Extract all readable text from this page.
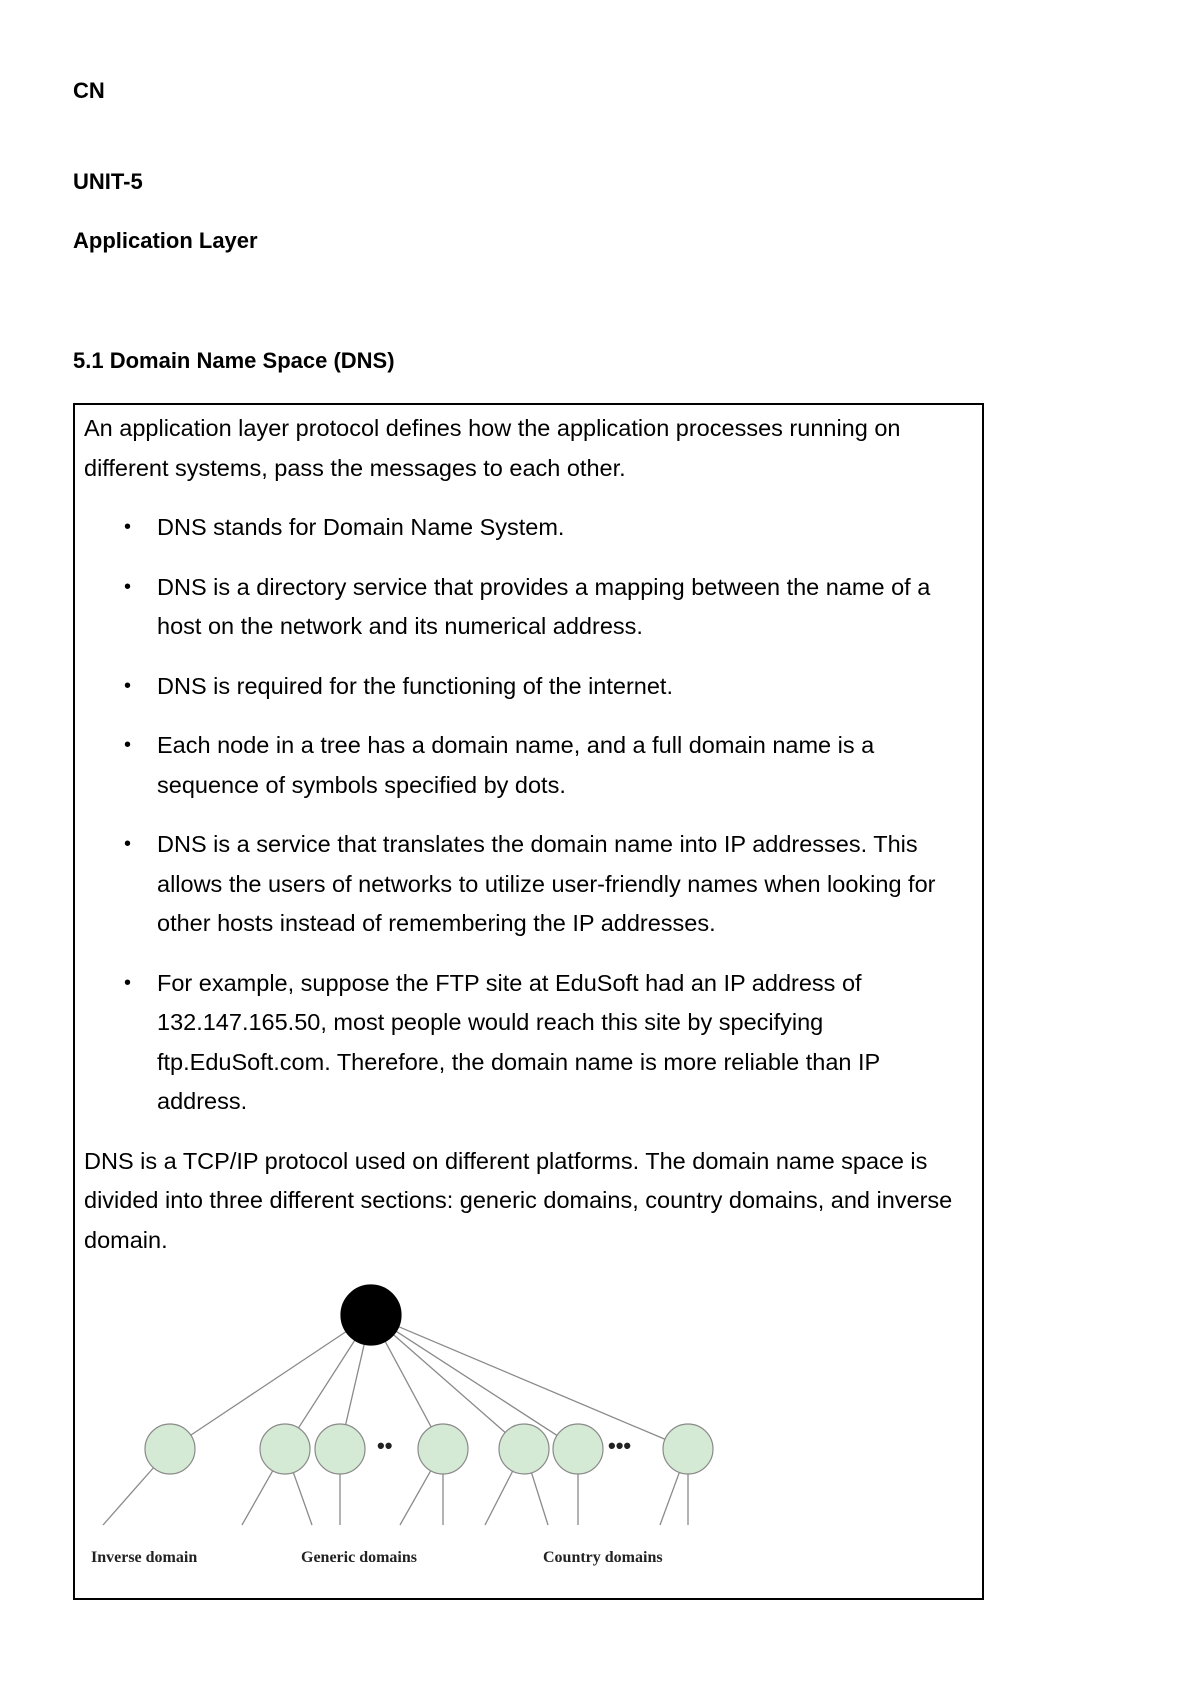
CN
UNIT-5
Application Layer
5.1 Domain Name Space (DNS)

An application layer protocol defines how the application processes running on different systems, pass the messages to each other.

• DNS stands for Domain Name System.
• DNS is a directory service that provides a mapping between the name of a host on the network and its numerical address.
• DNS is required for the functioning of the internet.
• Each node in a tree has a domain name, and a full domain name is a sequence of symbols specified by dots.
• DNS is a service that translates the domain name into IP addresses. This allows the users of networks to utilize user-friendly names when looking for other hosts instead of remembering the IP addresses.
• For example, suppose the FTP site at EduSoft had an IP address of 132.147.165.50, most people would reach this site by specifying ftp.EduSoft.com. Therefore, the domain name is more reliable than IP address.

DNS is a TCP/IP protocol used on different platforms. The domain name space is divided into three different sections: generic domains, country domains, and inverse domain.

••	•••
Inverse domain	Generic domains	Country domains
